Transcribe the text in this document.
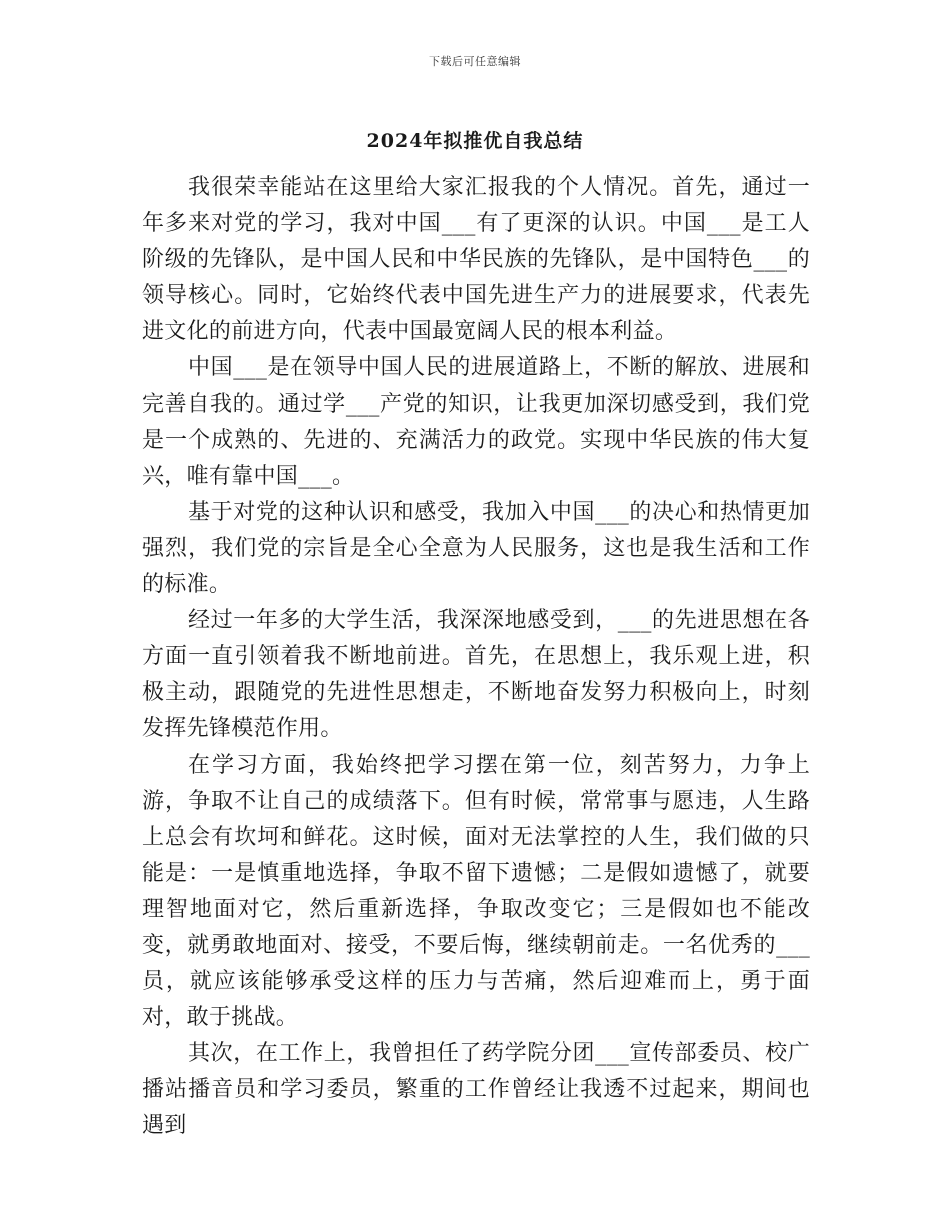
下载后可任意编辑
2024年拟推优自我总结

我很荣幸能站在这里给大家汇报我的个人情况。首先，通过一年多来对党的学习，我对中国___有了更深的认识。中国___是工人阶级的先锋队，是中国人民和中华民族的先锋队，是中国特色___的领导核心。同时，它始终代表中国先进生产力的进展要求，代表先进文化的前进方向，代表中国最宽阔人民的根本利益。

中国___是在领导中国人民的进展道路上，不断的解放、进展和完善自我的。通过学___产党的知识，让我更加深切感受到，我们党是一个成熟的、先进的、充满活力的政党。实现中华民族的伟大复兴，唯有靠中国___。

基于对党的这种认识和感受，我加入中国___的决心和热情更加强烈，我们党的宗旨是全心全意为人民服务，这也是我生活和工作的标准。

经过一年多的大学生活，我深深地感受到，___的先进思想在各方面一直引领着我不断地前进。首先，在思想上，我乐观上进，积极主动，跟随党的先进性思想走，不断地奋发努力积极向上，时刻发挥先锋模范作用。

在学习方面，我始终把学习摆在第一位，刻苦努力，力争上游，争取不让自己的成绩落下。但有时候，常常事与愿违，人生路上总会有坎坷和鲜花。这时候，面对无法掌控的人生，我们做的只能是：一是慎重地选择，争取不留下遗憾；二是假如遗憾了，就要理智地面对它，然后重新选择，争取改变它；三是假如也不能改变，就勇敢地面对、接受，不要后悔，继续朝前走。一名优秀的___员，就应该能够承受这样的压力与苦痛，然后迎难而上，勇于面对，敢于挑战。

其次，在工作上，我曾担任了药学院分团___宣传部委员、校广播站播音员和学习委员，繁重的工作曾经让我透不过起来，期间也遇到
